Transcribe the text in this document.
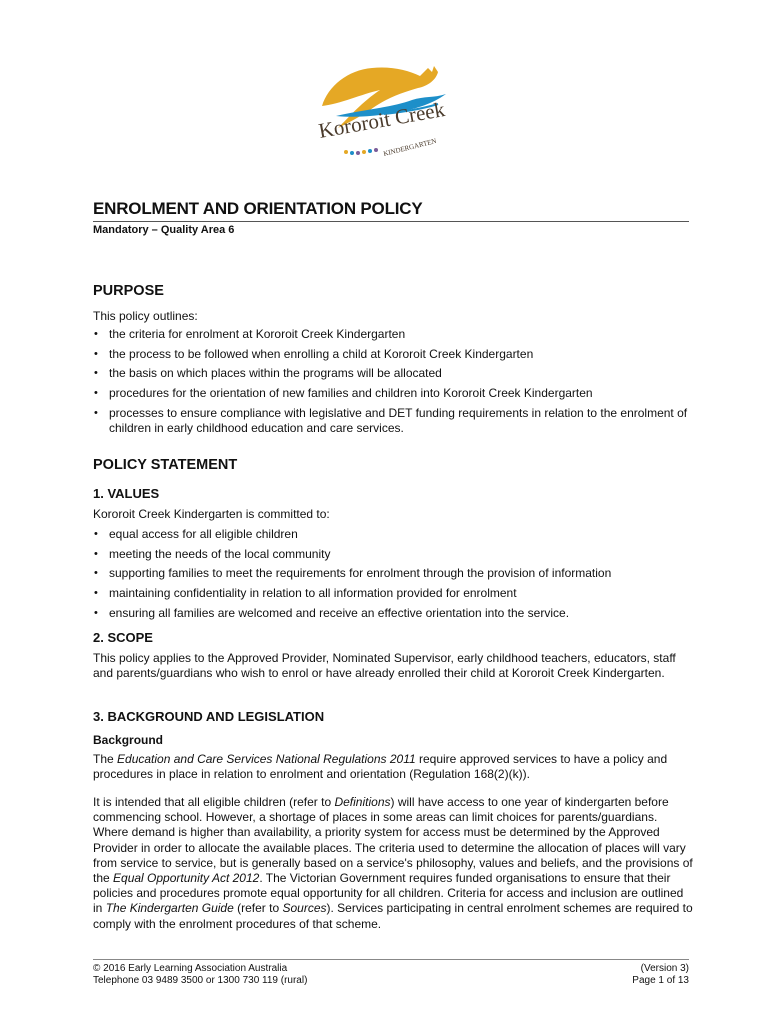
Kororoit Creek
KINDERGARTEN
ENROLMENT AND ORIENTATION POLICY

Mandatory – Quality Area 6

PURPOSE

This policy outlines:

• the criteria for enrolment at Kororoit Creek Kindergarten
• the process to be followed when enrolling a child at Kororoit Creek Kindergarten
• the basis on which places within the programs will be allocated
• procedures for the orientation of new families and children into Kororoit Creek Kindergarten
• processes to ensure compliance with legislative and DET funding requirements in relation to the enrolment of children in early childhood education and care services.
POLICY STATEMENT
1. VALUES

Kororoit Creek Kindergarten is committed to:

• equal access for all eligible children
• meeting the needs of the local community
• supporting families to meet the requirements for enrolment through the provision of information
• maintaining confidentiality in relation to all information provided for enrolment
• ensuring all families are welcomed and receive an effective orientation into the service.
2. SCOPE

This policy applies to the Approved Provider, Nominated Supervisor, early childhood teachers, educators, staff and parents/guardians who wish to enrol or have already enrolled their child at Kororoit Creek Kindergarten.

3. BACKGROUND AND LEGISLATION
Background

The Education and Care Services National Regulations 2011 require approved services to have a policy and procedures in place in relation to enrolment and orientation (Regulation 168(2)(k)).

It is intended that all eligible children (refer to Definitions) will have access to one year of kindergarten before commencing school. However, a shortage of places in some areas can limit choices for parents/guardians. Where demand is higher than availability, a priority system for access must be determined by the Approved Provider in order to allocate the available places. The criteria used to determine the allocation of places will vary from service to service, but is generally based on a service's philosophy, values and beliefs, and the provisions of the Equal Opportunity Act 2012. The Victorian Government requires funded organisations to ensure that their policies and procedures promote equal opportunity for all children. Criteria for access and inclusion are outlined in The Kindergarten Guide (refer to Sources). Services participating in central enrolment schemes are required to comply with the enrolment procedures of that scheme.

© 2016 Early Learning Association Australia
Telephone 03 9489 3500 or 1300 730 119 (rural)
(Version 3)
Page 1 of 13
